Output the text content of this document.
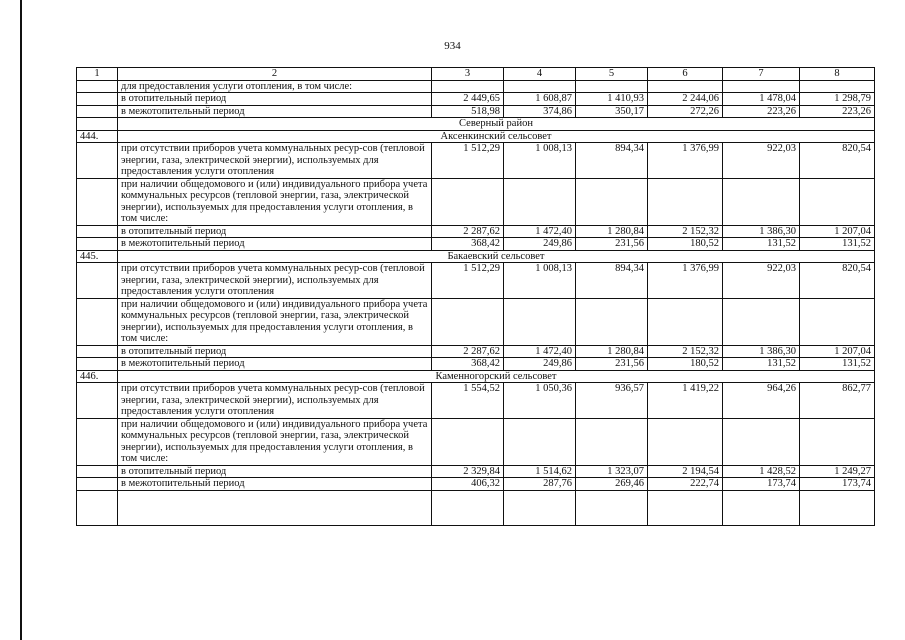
934
1	2	3	4	5	6	7	8
	для предоставления услуги отопления, в том числе:						
	в отопительный период	2 449,65	1 608,87	1 410,93	2 244,06	1 478,04	1 298,79
	в межотопительный период	518,98	374,86	350,17	272,26	223,26	223,26
	Северный район						
444.	Аксенкинский сельсовет						
	при отсутствии приборов учета коммунальных ресур-сов (тепловой энергии, газа, электрической энергии), используемых для предоставления услуги отопления	1 512,29	1 008,13	894,34	1 376,99	922,03	820,54
	при наличии общедомового и (или) индивидуального прибора учета коммунальных ресурсов (тепловой энергии, газа, электрической энергии), используемых для предоставления услуги отопления, в том числе:						
	в отопительный период	2 287,62	1 472,40	1 280,84	2 152,32	1 386,30	1 207,04
	в межотопительный период	368,42	249,86	231,56	180,52	131,52	131,52
445.	Бакаевский сельсовет						
	при отсутствии приборов учета коммунальных ресур-сов (тепловой энергии, газа, электрической энергии), используемых для предоставления услуги отопления	1 512,29	1 008,13	894,34	1 376,99	922,03	820,54
	при наличии общедомового и (или) индивидуального прибора учета коммунальных ресурсов (тепловой энергии, газа, электрической энергии), используемых для предоставления услуги отопления, в том числе:						
	в отопительный период	2 287,62	1 472,40	1 280,84	2 152,32	1 386,30	1 207,04
	в межотопительный период	368,42	249,86	231,56	180,52	131,52	131,52
446.	Каменногорский сельсовет						
	при отсутствии приборов учета коммунальных ресур-сов (тепловой энергии, газа, электрической энергии), используемых для предоставления услуги отопления	1 554,52	1 050,36	936,57	1 419,22	964,26	862,77
	при наличии общедомового и (или) индивидуального прибора учета коммунальных ресурсов (тепловой энергии, газа, электрической энергии), используемых для предоставления услуги отопления, в том числе:						
	в отопительный период	2 329,84	1 514,62	1 323,07	2 194,54	1 428,52	1 249,27
	в межотопительный период	406,32	287,76	269,46	222,74	173,74	173,74
